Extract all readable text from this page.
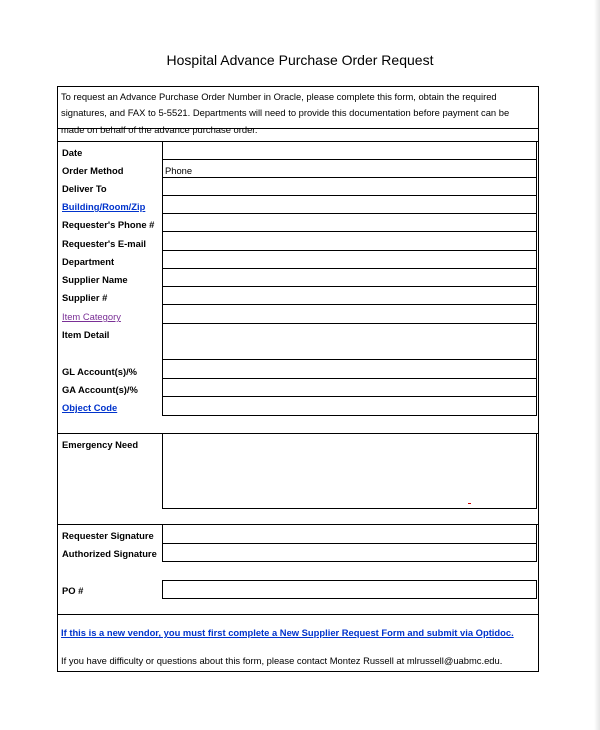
Hospital Advance Purchase Order Request
To request an Advance Purchase Order Number in Oracle, please complete this form, obtain the required
signatures, and FAX to 5-5521. Departments will need to provide this documentation before payment can be
made on behalf of the advance purchase order.
Date
Order Method
Deliver To
Building/Room/Zip
Requester's Phone #
Requester's E-mail
Department
Supplier Name
Supplier #
Item Category
Item Detail
GL Account(s)/%
GA Account(s)/%
Object Code
Emergency Need
Requester Signature
Authorized Signature
PO #
Phone
If this is a new vendor, you must first complete a New Supplier Request Form and submit via Optidoc.
If you have difficulty or questions about this form, please contact Montez Russell at mlrussell@uabmc.edu.
